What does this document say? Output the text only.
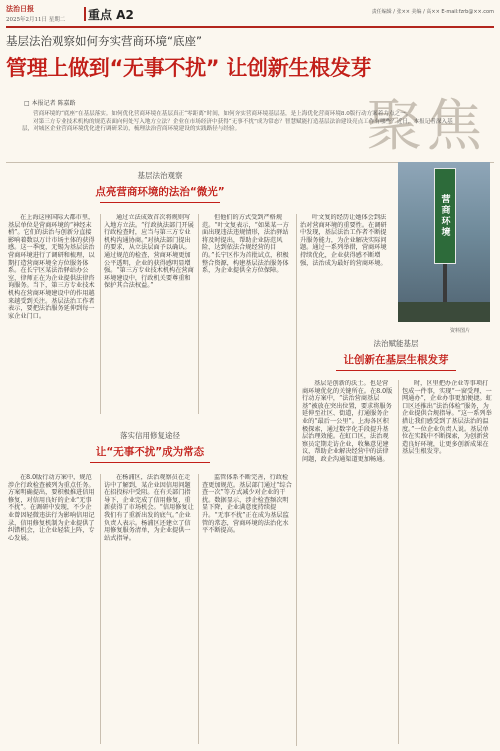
法治日报
2025年2月11日 星期二 重点 A2	责任编辑 / 张×× 美编 / 高×× E-mail:fzrb@××.com
基层法治观察如何夯实营商环境“底座”
管理上做到“无事不扰” 让创新生根发芽
聚焦
□ 本报记者 陈嘉路

营商环境的“底座”在基层落实。如何优化营商环境在基层真正“零距离”时间，如何夯实营商环境基层基，是上海优化营商环境8.0版行动方案着力点之一。

对第三方专业技术机构的规范表面向何处写入地方立法？企业在市场经济中获得“无事不扰”成为常态？智慧赋能打造基层法治建设亮点工作有哪些？近日，本报记者深入基层，对城区企业营商环境优化进行调研采访，梳理法治营商环境建设的实践路径与经验。

基层法治观察
点亮营商环境的法治“微光”

在上海这座国际大都市里，基层单位是营商环境的“神经末梢”。它们的法治与创新分直接影响着数以万计市场主体的获得感。这一季度，无锡为基层法治营商环境进行了调研和梳理，以期打造营商环境全方位服务体系。在长宁区某法治驿站办公室，律师正在为企业提供法律咨询服务。当下，第三方专业技术机构在营商环境建设中的作用越来越受到关注。基层法治工作者表示，要把法治服务延伸到每一家企业门口。

通过立法成效首次将规则写入地方立法。“行政执法部门开展行政检查时，应当与第三方专业机构沟通协商。”对执法部门提出的要求，从立法层面予以确认。通过规范的检查，营商环境更加公平透明，企业的获得感明显增强。“第三方专业技术机构在营商环境建设中，行政机关要尊重和保护其合法权益。”

但他们的方式受到严格规范。“叶文复表示，“如果某一方面出现违法违规情形，法治驿站将及时提出，帮助企业防范风险，达到依法合规经营的目的。”长宁区作为首批试点，积极整合资源，构建基层法治服务体系，为企业提供全方位保障。

叶文复的经历让她体会到法治对营商环境的重要性。在调研中发现，基层法治工作者不断提升服务能力，为企业解决实际问题。通过一系列举措，营商环境持续优化，企业获得感不断增强，法治成为最好的营商环境。

营商环境
资料图片
法治赋能基层
让创新在基层生根发芽

基层是创新的沃土。也是营商环境优化的关键所在。在8.0版行动方案中，“法治营商基层基”被放在突出位置，要求将服务延伸至社区、街道，打通服务企业的“最后一公里”。上海各区积极探索，通过数字化手段提升基层治理效能。在虹口区，法治观察员定期走访企业，收集意见建议，帮助企业解决经营中的法律问题，政企沟通渠道更加畅通。

时，区里把办企业等事项打包成一件事，实现“一窗受理、一网通办”，企业办事更加便捷。虹口区还推出“法治体检”服务，为企业提供合规指导。“这一系列举措让我们感受到了基层法治的温度。”一位企业负责人说。基层单位在实践中不断探索，为创新营造良好环境，让更多创新成果在基层生根发芽。

落实信用修复途径
让“无事不扰”成为常态

在8.0版行动方案中，规范涉企行政检查被列为重点任务。方案明确提出，要积极推进信用修复，对信用良好的企业“无事不扰”。在调研中发现，不少企业曾因轻微违法行为影响信用记录，信用修复机制为企业提供了纠错机会，让企业轻装上阵，专心发展。

在杨浦区，法治观察员在走访中了解到，某企业因信用问题在招投标中受阻。在有关部门指导下，企业完成了信用修复，重新获得了市场机会。“信用修复让我们有了重新出发的底气。”企业负责人表示。杨浦区还建立了信用修复服务清单，为企业提供一站式指导。

监管体系不断完善，行政检查更加规范。基层部门通过“综合查一次”等方式减少对企业的干扰。数据显示，涉企检查频次明显下降，企业满意度持续提升。“无事不扰”正在成为基层监管的常态，营商环境的法治化水平不断提高。
